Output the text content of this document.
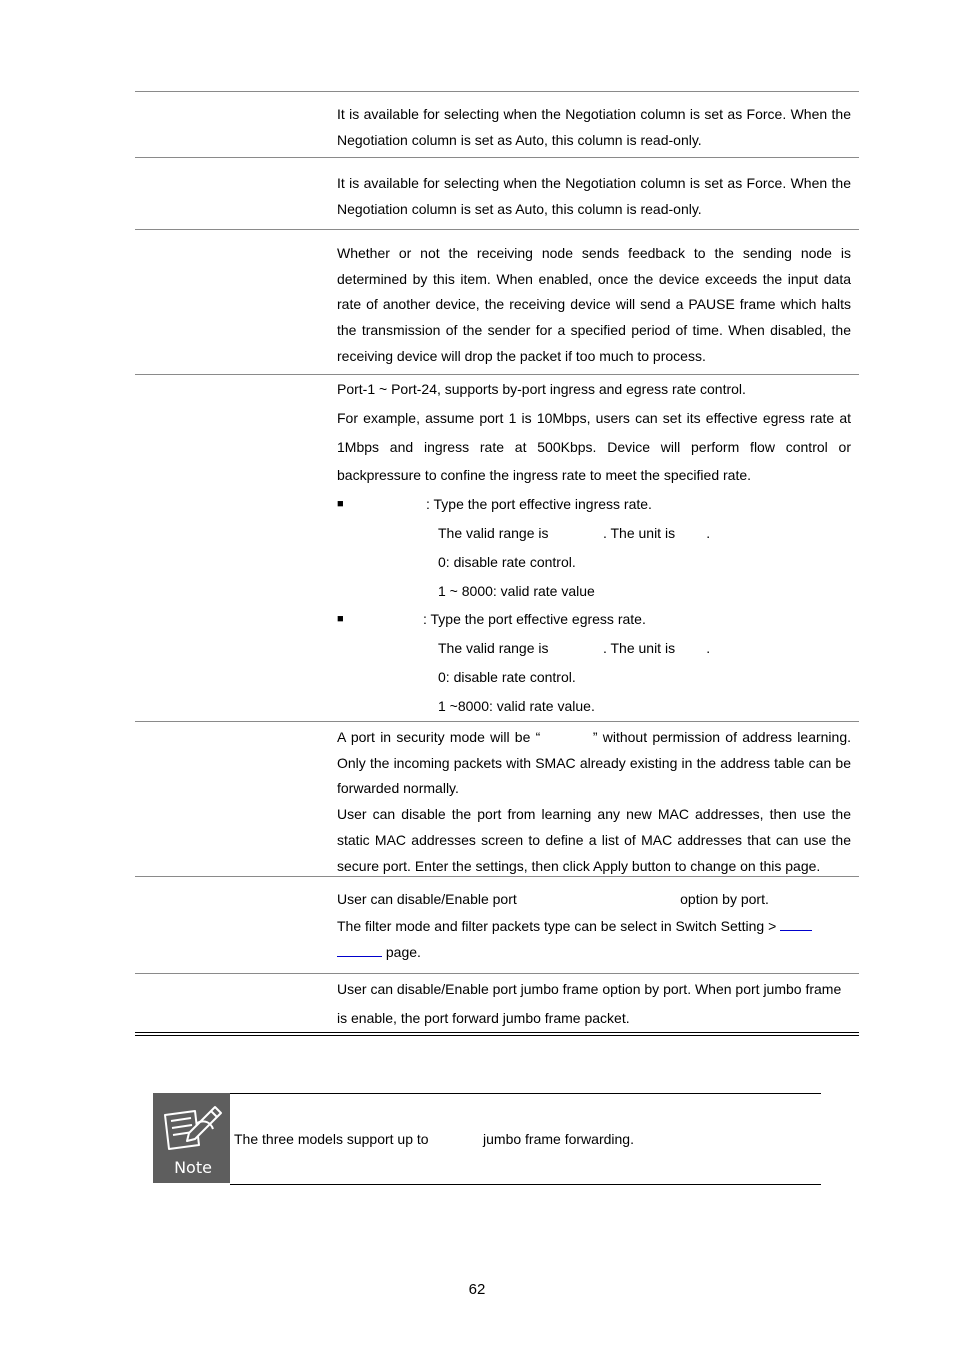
It is available for selecting when the Negotiation column is set as Force. When the Negotiation column is set as Auto, this column is read-only.

It is available for selecting when the Negotiation column is set as Force. When the Negotiation column is set as Auto, this column is read-only.

Whether or not the receiving node sends feedback to the sending node is determined by this item. When enabled, once the device exceeds the input data rate of another device, the receiving device will send a PAUSE frame which halts the transmission of the sender for a specified period of time. When disabled, the receiving device will drop the packet if too much to process.

Port-1 ~ Port-24, supports by-port ingress and egress rate control.

For example, assume port 1 is 10Mbps, users can set its effective egress rate at 1Mbps and ingress rate at 500Kbps. Device will perform flow control or backpressure to confine the ingress rate to meet the specified rate.

■	: Type the port effective ingress rate.
The valid range is              . The unit is        .
0: disable rate control.
1 ~ 8000: valid rate value
■	: Type the port effective egress rate.
The valid range is              . The unit is        .
0: disable rate control.
1 ~8000: valid rate value.

A port in security mode will be “          ” without permission of address learning. Only the incoming packets with SMAC already existing in the address table can be forwarded normally.

User can disable the port from learning any new MAC addresses, then use the static MAC addresses screen to define a list of MAC addresses that can use the secure port. Enter the settings, then click Apply button to change on this page.

User can disable/Enable port                                          option by port.

The filter mode and filter packets type can be select in Switch Setting >
page.

User can disable/Enable port jumbo frame option by port. When port jumbo frame is enable, the port forward jumbo frame packet.

Note
The three models support up to              jumbo frame forwarding.
62
